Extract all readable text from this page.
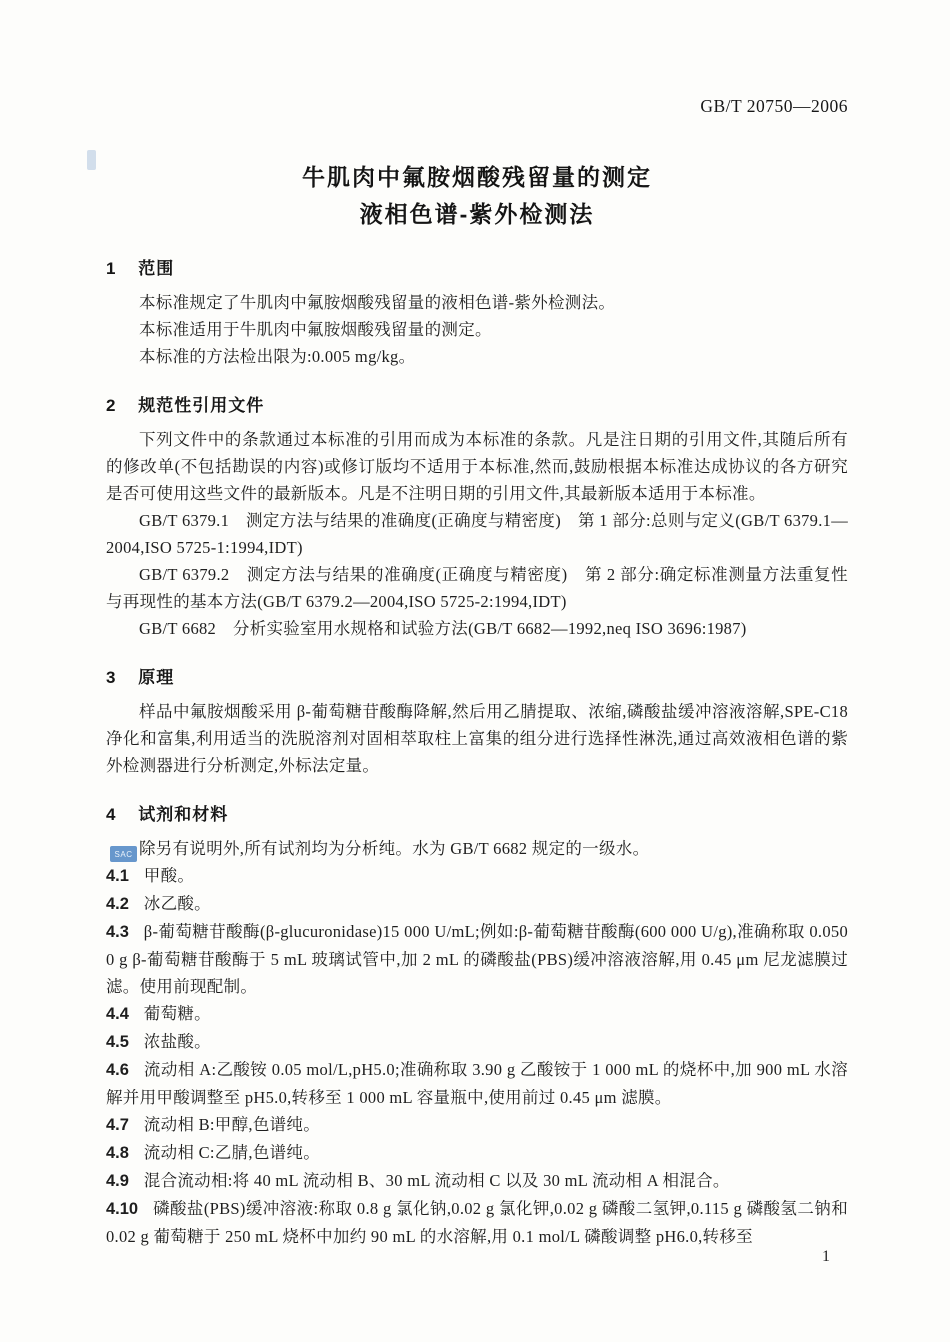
SAC
GB/T 20750—2006
牛肌肉中氟胺烟酸残留量的测定
液相色谱-紫外检测法
1 范围

本标准规定了牛肌肉中氟胺烟酸残留量的液相色谱-紫外检测法。

本标准适用于牛肌肉中氟胺烟酸残留量的测定。

本标准的方法检出限为:0.005 mg/kg。

2 规范性引用文件

下列文件中的条款通过本标准的引用而成为本标准的条款。凡是注日期的引用文件,其随后所有的修改单(不包括勘误的内容)或修订版均不适用于本标准,然而,鼓励根据本标准达成协议的各方研究是否可使用这些文件的最新版本。凡是不注明日期的引用文件,其最新版本适用于本标准。

GB/T 6379.1　测定方法与结果的准确度(正确度与精密度)　第 1 部分:总则与定义(GB/T 6379.1—2004,ISO 5725-1:1994,IDT)

GB/T 6379.2　测定方法与结果的准确度(正确度与精密度)　第 2 部分:确定标准测量方法重复性与再现性的基本方法(GB/T 6379.2—2004,ISO 5725-2:1994,IDT)

GB/T 6682　分析实验室用水规格和试验方法(GB/T 6682—1992,neq ISO 3696:1987)

3 原理

样品中氟胺烟酸采用 β-葡萄糖苷酸酶降解,然后用乙腈提取、浓缩,磷酸盐缓冲溶液溶解,SPE-C18 净化和富集,利用适当的洗脱溶剂对固相萃取柱上富集的组分进行选择性淋洗,通过高效液相色谱的紫外检测器进行分析测定,外标法定量。

4 试剂和材料

除另有说明外,所有试剂均为分析纯。水为 GB/T 6682 规定的一级水。

4.1 甲酸。
4.2 冰乙酸。
4.3 β-葡萄糖苷酸酶(β-glucuronidase)15 000 U/mL;例如:β-葡萄糖苷酸酶(600 000 U/g),准确称取 0.050 0 g β-葡萄糖苷酸酶于 5 mL 玻璃试管中,加 2 mL 的磷酸盐(PBS)缓冲溶液溶解,用 0.45 μm 尼龙滤膜过滤。使用前现配制。
4.4 葡萄糖。
4.5 浓盐酸。
4.6 流动相 A:乙酸铵 0.05 mol/L,pH5.0;准确称取 3.90 g 乙酸铵于 1 000 mL 的烧杯中,加 900 mL 水溶解并用甲酸调整至 pH5.0,转移至 1 000 mL 容量瓶中,使用前过 0.45 μm 滤膜。
4.7 流动相 B:甲醇,色谱纯。
4.8 流动相 C:乙腈,色谱纯。
4.9 混合流动相:将 40 mL 流动相 B、30 mL 流动相 C 以及 30 mL 流动相 A 相混合。
4.10 磷酸盐(PBS)缓冲溶液:称取 0.8 g 氯化钠,0.02 g 氯化钾,0.02 g 磷酸二氢钾,0.115 g 磷酸氢二钠和 0.02 g 葡萄糖于 250 mL 烧杯中加约 90 mL 的水溶解,用 0.1 mol/L 磷酸调整 pH6.0,转移至
1
